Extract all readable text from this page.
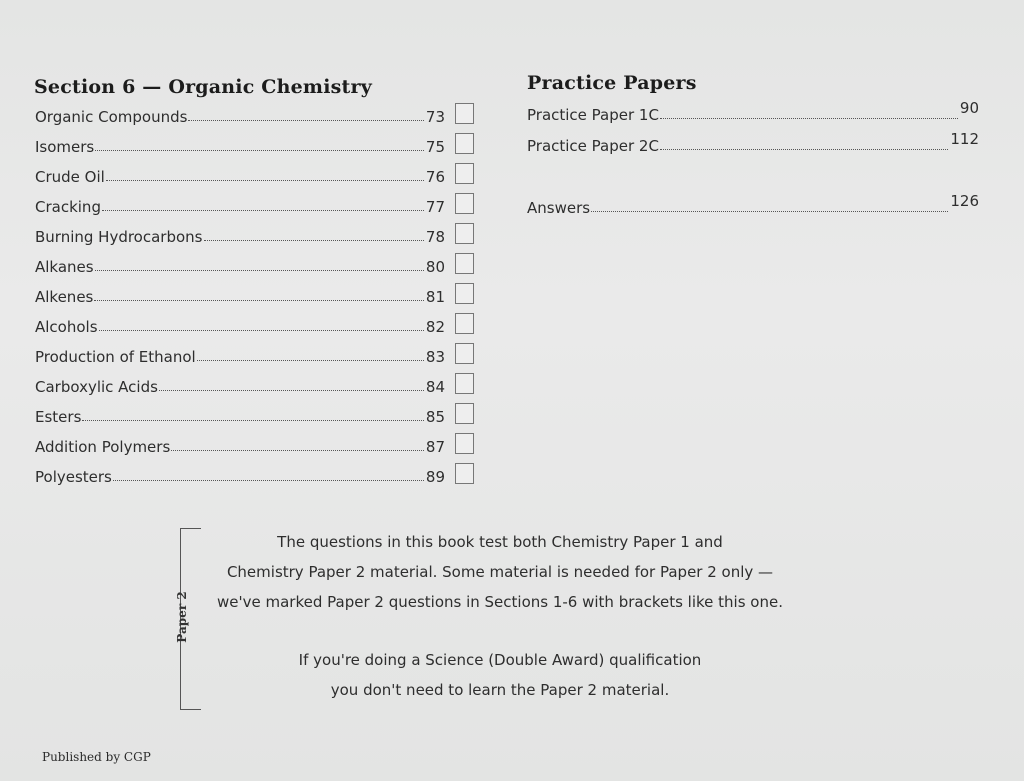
Section 6 — Organic Chemistry
Organic Compounds	73
Isomers	75
Crude Oil	76
Cracking	77
Burning Hydrocarbons	78
Alkanes	80
Alkenes	81
Alcohols	82
Production of Ethanol	83
Carboxylic Acids	84
Esters	85
Addition Polymers	87
Polyesters	89
Practice Papers
Practice Paper 1C	90
Practice Paper 2C	112
Answers	126
Paper 2
The questions in this book test both Chemistry Paper 1 and
Chemistry Paper 2 material. Some material is needed for Paper 2 only —
we've marked Paper 2 questions in Sections 1-6 with brackets like this one.
If you're doing a Science (Double Award) qualification
you don't need to learn the Paper 2 material.
Published by CGP
